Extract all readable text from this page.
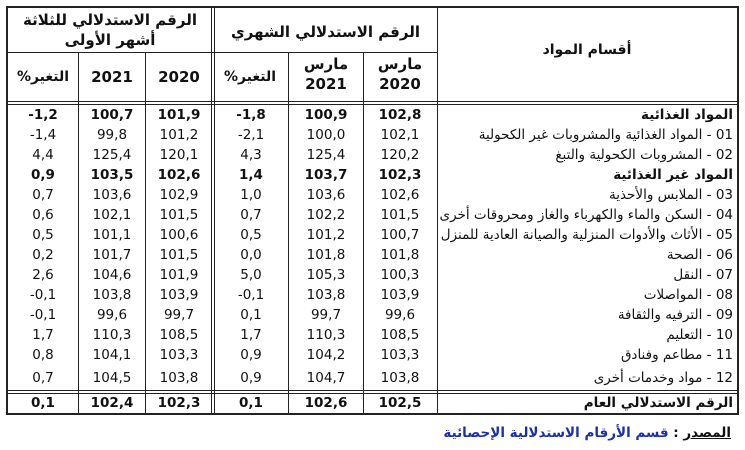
أقسام المواد
الرقم الاستدلالي الشهري
الرقم الاستدلالي للثلاثة أشهر الأولى
مارس 2020
مارس 2021
التغير%
2020
2021
التغير%
المواد الغذائية
102,8
100,9
-1,8
101,9
100,7
-1,2
01 - المواد الغذائية والمشروبات غير الكحولية
102,1
100,0
-2,1
101,2
99,8
-1,4
02 - المشروبات الكحولية والتبغ
120,2
125,4
4,3
120,1
125,4
4,4
المواد غير الغذائية
102,3
103,7
1,4
102,6
103,5
0,9
03 - الملابس والأحذية
102,6
103,6
1,0
102,9
103,6
0,7
04 - السكن والماء والكهرباء والغاز ومحروقات أخرى
101,5
102,2
0,7
101,5
102,1
0,6
05 - الأثاث والأدوات المنزلية والصيانة العادية للمنزل
100,7
101,2
0,5
100,6
101,1
0,5
06 - الصحة
101,8
101,8
0,0
101,5
101,7
0,2
07 - النقل
100,3
105,3
5,0
101,9
104,6
2,6
08 - المواصلات
103,9
103,8
-0,1
103,9
103,8
-0,1
09 - الترفيه والثقافة
99,6
99,7
0,1
99,7
99,6
-0,1
10 - التعليم
108,5
110,3
1,7
108,5
110,3
1,7
11 - مطاعم وفنادق
103,3
104,2
0,9
103,3
104,1
0,8
12 - مواد وخدمات أخرى
103,8
104,7
0,9
103,8
104,5
0,7
الرقم الاستدلالي العام
102,5
102,6
0,1
102,3
102,4
0,1
المصدر : قسم الأرقام الاستدلالية الإحصائية
